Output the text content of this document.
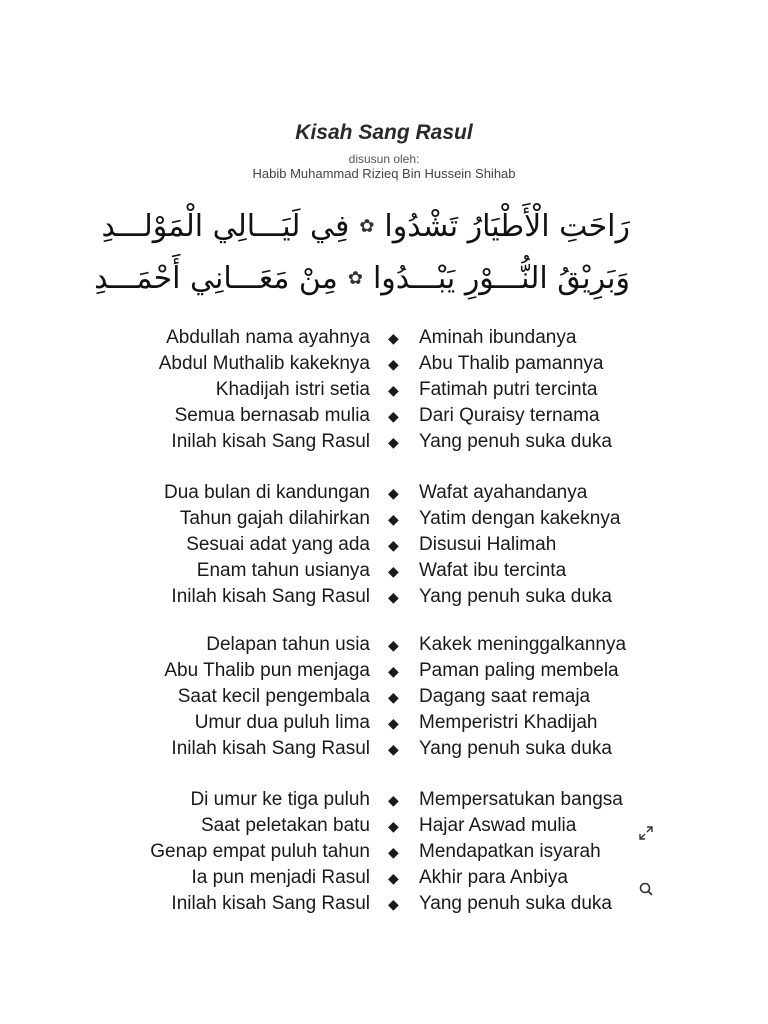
Kisah Sang Rasul
disusun oleh:
Habib Muhammad Rizieq Bin Hussein Shihab
رَاحَتِ الْأَطْيَارُ تَشْدُوا
✿
فِي لَيَـــالِي الْمَوْلـــدِ
وَبَرِيْقُ النُّـــوْرِ يَبْـــدُوا
✿
مِنْ مَعَـــانِي أَحْمَـــدِ
Abdullah nama ayahnya ◆ Aminah ibundanya
Abdul Muthalib kakeknya ◆ Abu Thalib pamannya
Khadijah istri setia ◆ Fatimah putri tercinta
Semua bernasab mulia ◆ Dari Quraisy ternama
Inilah kisah Sang Rasul ◆ Yang penuh suka duka
Dua bulan di kandungan ◆ Wafat ayahandanya
Tahun gajah dilahirkan ◆ Yatim dengan kakeknya
Sesuai adat yang ada ◆ Disusui Halimah
Enam tahun usianya ◆ Wafat ibu tercinta
Inilah kisah Sang Rasul ◆ Yang penuh suka duka
Delapan tahun usia ◆ Kakek meninggalkannya
Abu Thalib pun menjaga ◆ Paman paling membela
Saat kecil pengembala ◆ Dagang saat remaja
Umur dua puluh lima ◆ Memperistri Khadijah
Inilah kisah Sang Rasul ◆ Yang penuh suka duka
Di umur ke tiga puluh ◆ Mempersatukan bangsa
Saat peletakan batu ◆ Hajar Aswad mulia
Genap empat puluh tahun ◆ Mendapatkan isyarah
Ia pun menjadi Rasul ◆ Akhir para Anbiya
Inilah kisah Sang Rasul ◆ Yang penuh suka duka
